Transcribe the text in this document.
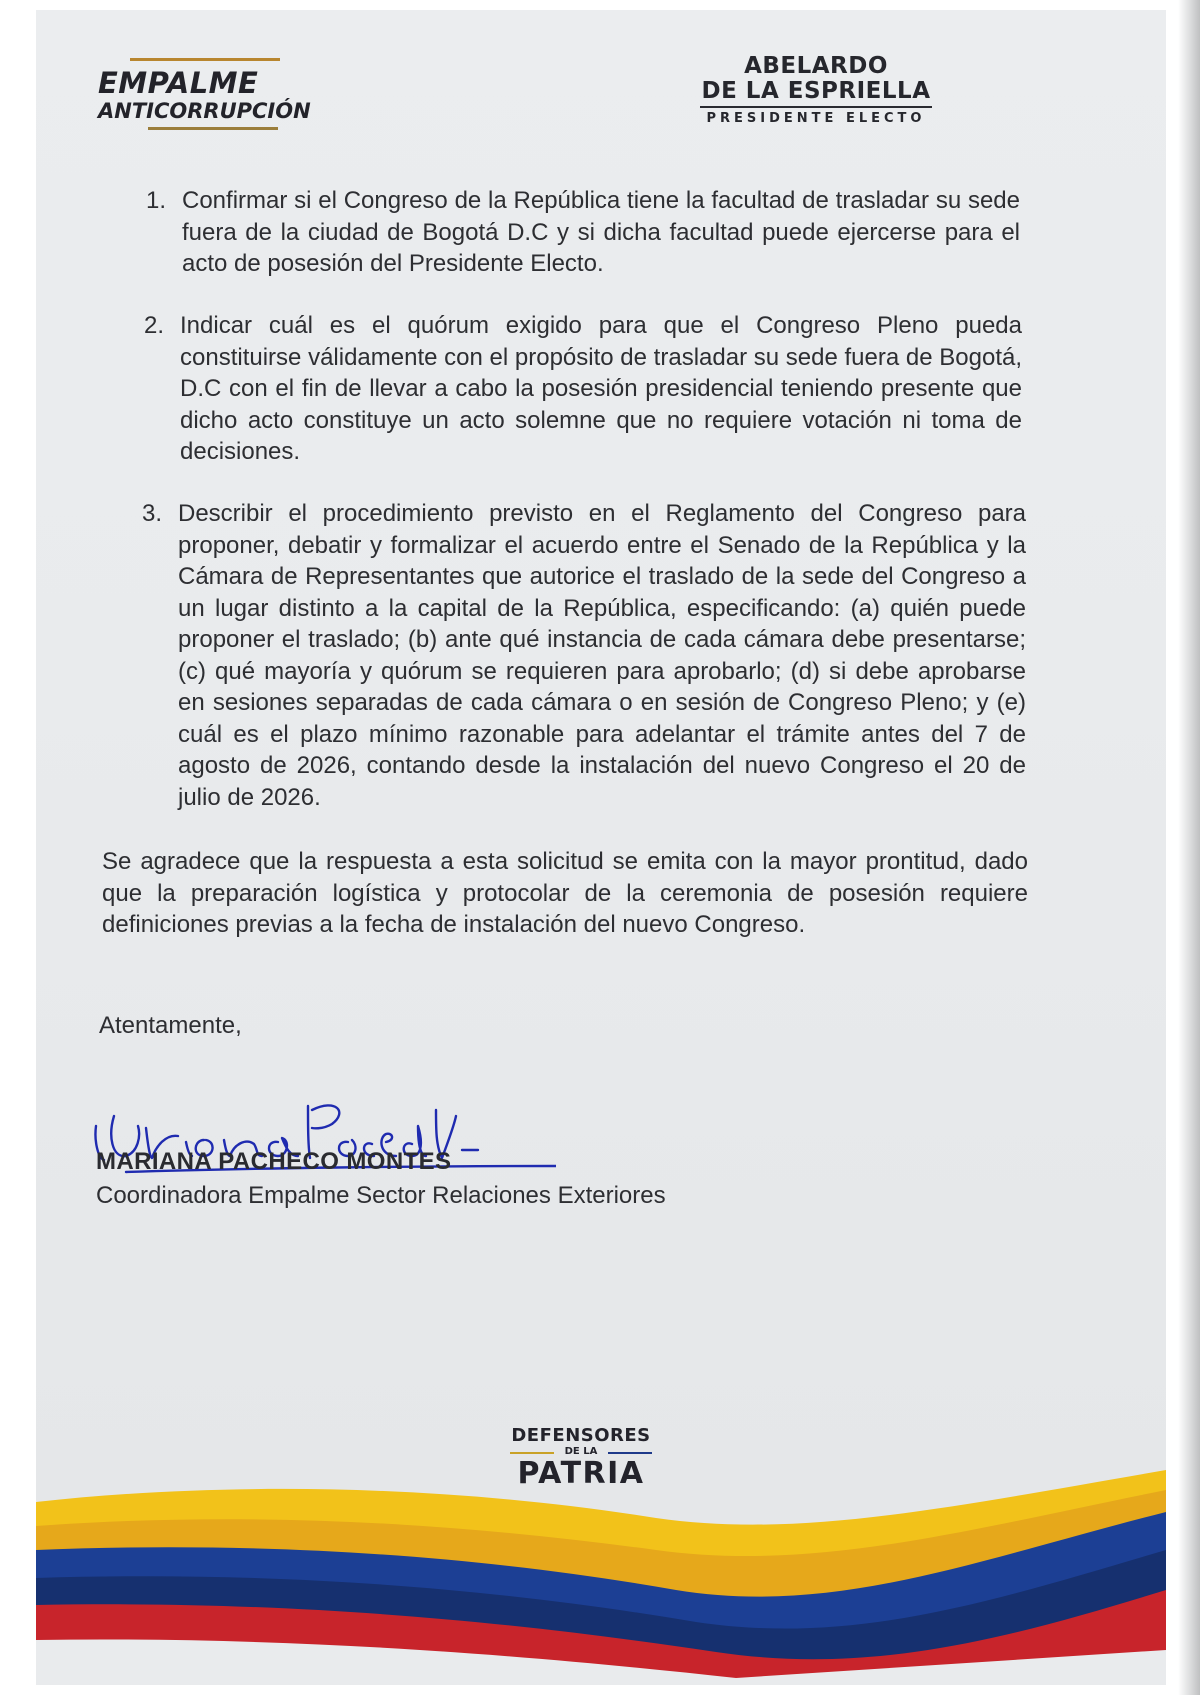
EMPALME
ANTICORRUPCIÓN
ABELARDO
DE LA ESPRIELLA
PRESIDENTE ELECTO
1. Confirmar si el Congreso de la República tiene la facultad de trasladar su sede fuera de la ciudad de Bogotá D.C y si dicha facultad puede ejercerse para el acto de posesión del Presidente Electo.

2. Indicar cuál es el quórum exigido para que el Congreso Pleno pueda constituirse válidamente con el propósito de trasladar su sede fuera de Bogotá, D.C con el fin de llevar a cabo la posesión presidencial teniendo presente que dicho acto constituye un acto solemne que no requiere votación ni toma de decisiones.

3. Describir el procedimiento previsto en el Reglamento del Congreso para proponer, debatir y formalizar el acuerdo entre el Senado de la República y la Cámara de Representantes que autorice el traslado de la sede del Congreso a un lugar distinto a la capital de la República, especificando: (a) quién puede proponer el traslado; (b) ante qué instancia de cada cámara debe presentarse; (c) qué mayoría y quórum se requieren para aprobarlo; (d) si debe aprobarse en sesiones separadas de cada cámara o en sesión de Congreso Pleno; y (e) cuál es el plazo mínimo razonable para adelantar el trámite antes del 7 de agosto de 2026, contando desde la instalación del nuevo Congreso el 20 de julio de 2026.

Se agradece que la respuesta a esta solicitud se emita con la mayor prontitud, dado que la preparación logística y protocolar de la ceremonia de posesión requiere definiciones previas a la fecha de instalación del nuevo Congreso.
Atentamente,
MARIANA PACHECO MONTES
Coordinadora Empalme Sector Relaciones Exteriores
DEFENSORES
DE LA
PATRIA
